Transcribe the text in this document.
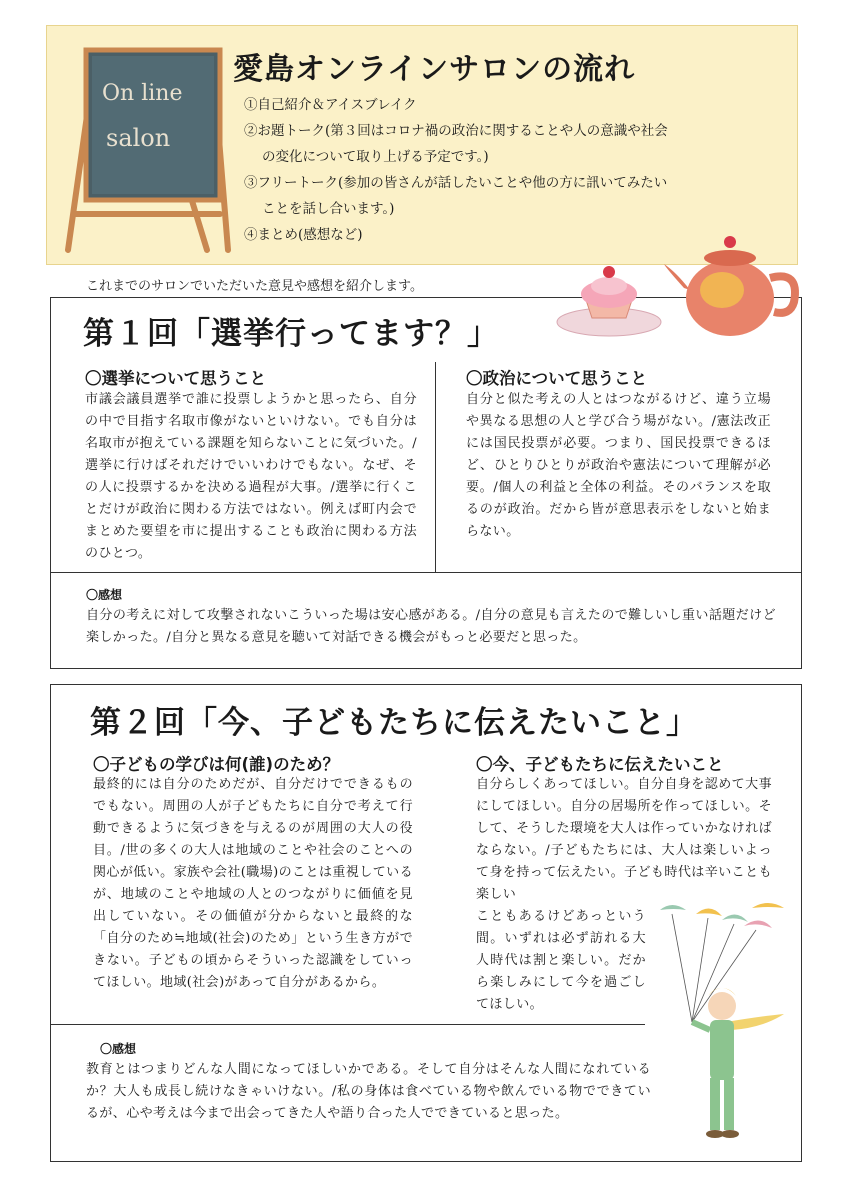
On line
salon
愛島オンラインサロンの流れ
①自己紹介＆アイスブレイク
②お題トーク(第３回はコロナ禍の政治に関することや人の意識や社会の変化について取り上げる予定です。)
③フリートーク(参加の皆さんが話したいことや他の方に訊いてみたいことを話し合います。)
④まとめ(感想など)
これまでのサロンでいただいた意見や感想を紹介します。
第１回「選挙行ってます？」
〇選挙について思うこと
市議会議員選挙で誰に投票しようかと思ったら、自分の中で目指す名取市像がないといけない。でも自分は名取市が抱えている課題を知らないことに気づいた。/選挙に行けばそれだけでいいわけでもない。なぜ、その人に投票するかを決める過程が大事。/選挙に行くことだけが政治に関わる方法ではない。例えば町内会でまとめた要望を市に提出することも政治に関わる方法のひとつ。
〇政治について思うこと
自分と似た考えの人とはつながるけど、違う立場や異なる思想の人と学び合う場がない。/憲法改正には国民投票が必要。つまり、国民投票できるほど、ひとりひとりが政治や憲法について理解が必要。/個人の利益と全体の利益。そのバランスを取るのが政治。だから皆が意思表示をしないと始まらない。
〇感想
自分の考えに対して攻撃されないこういった場は安心感がある。/自分の意見も言えたので難しいし重い話題だけど楽しかった。/自分と異なる意見を聴いて対話できる機会がもっと必要だと思った。
第２回「今、子どもたちに伝えたいこと」
〇子どもの学びは何(誰)のため？
最終的には自分のためだが、自分だけでできるものでもない。周囲の人が子どもたちに自分で考えて行動できるように気づきを与えるのが周囲の大人の役目。/世の多くの大人は地域のことや社会のことへの関心が低い。家族や会社(職場)のことは重視しているが、地域のことや地域の人とのつながりに価値を見出していない。その価値が分からないと最終的な「自分のため≒地域(社会)のため」という生き方ができない。子どもの頃からそういった認識をしていってほしい。地域(社会)があって自分があるから。
〇今、子どもたちに伝えたいこと
自分らしくあってほしい。自分自身を認めて大事にしてほしい。自分の居場所を作ってほしい。そして、そうした環境を大人は作っていかなければならない。/子どもたちには、大人は楽しいよって身を持って伝えたい。子ども時代は辛いことも楽しい
こともあるけどあっという間。いずれは必ず訪れる大人時代は割と楽しい。だから楽しみにして今を過ごしてほしい。
〇感想
教育とはつまりどんな人間になってほしいかである。そして自分はそんな人間になれているか？大人も成長し続けなきゃいけない。/私の身体は食べている物や飲んでいる物でできているが、心や考えは今まで出会ってきた人や語り合った人でできていると思った。
